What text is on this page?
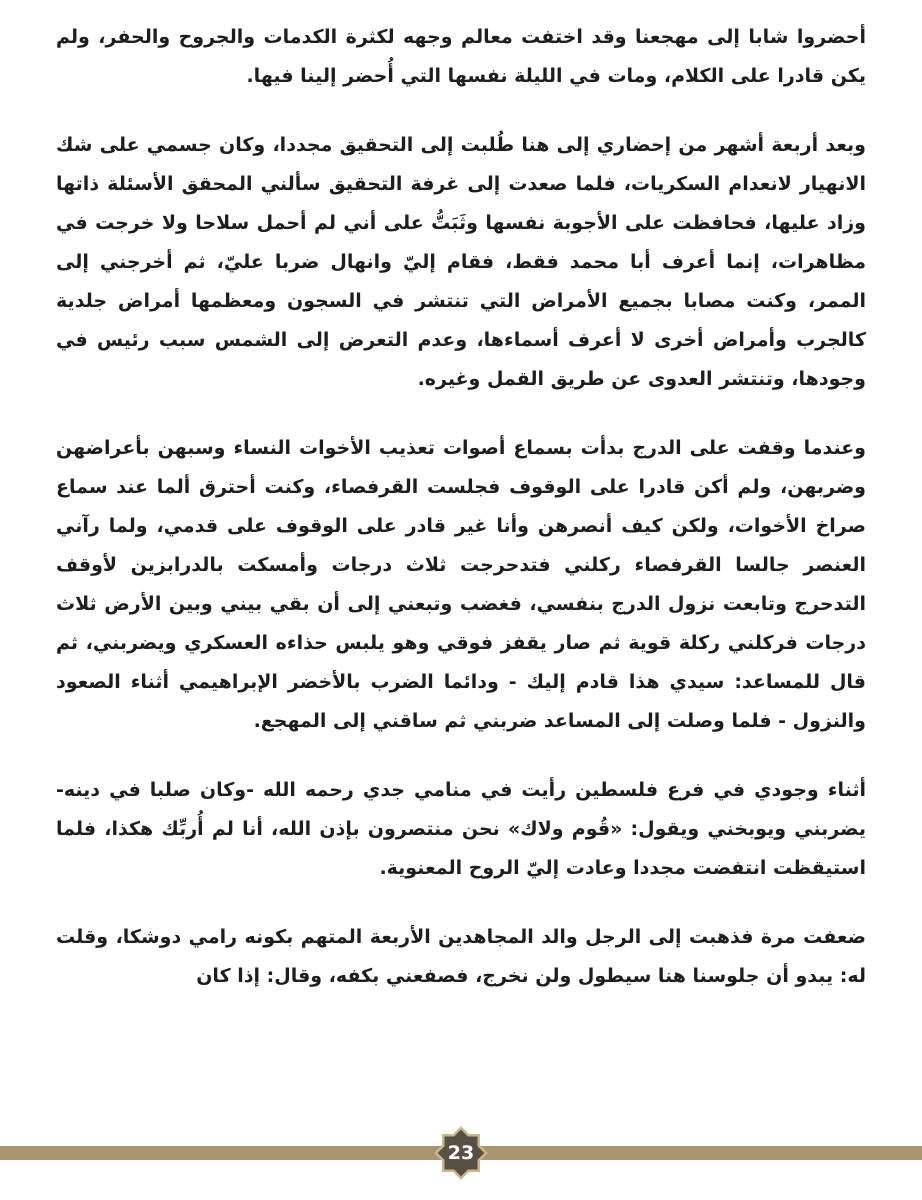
أحضروا شابا إلى مهجعنا وقد اختفت معالم وجهه لكثرة الكدمات والجروح والحفر، ولم يكن قادرا على الكلام، ومات في الليلة نفسها التي أُحضر إلينا فيها.

وبعد أربعة أشهر من إحضاري إلى هنا طُلبت إلى التحقيق مجددا، وكان جسمي على شك الانهيار لانعدام السكريات، فلما صعدت إلى غرفة التحقيق سألني المحقق الأسئلة ذاتها وزاد عليها، فحافظت على الأجوبة نفسها وثَبَتُّ على أني لم أحمل سلاحا ولا خرجت في مظاهرات، إنما أعرف أبا محمد فقط، فقام إليّ وانهال ضربا عليّ، ثم أخرجني إلى الممر، وكنت مصابا بجميع الأمراض التي تنتشر في السجون ومعظمها أمراض جلدية كالجرب وأمراض أخرى لا أعرف أسماءها، وعدم التعرض إلى الشمس سبب رئيس في وجودها، وتنتشر العدوى عن طريق القمل وغيره.

وعندما وقفت على الدرج بدأت بسماع أصوات تعذيب الأخوات النساء وسبهن بأعراضهن وضربهن، ولم أكن قادرا على الوقوف فجلست القرفصاء، وكنت أحترق ألما عند سماع صراخ الأخوات، ولكن كيف أنصرهن وأنا غير قادر على الوقوف على قدمي، ولما رآني العنصر جالسا القرفصاء ركلني فتدحرجت ثلاث درجات وأمسكت بالدرابزين لأوقف التدحرج وتابعت نزول الدرج بنفسي، فغضب وتبعني إلى أن بقي بيني وبين الأرض ثلاث درجات فركلني ركلة قوية ثم صار يقفز فوقي وهو يلبس حذاءه العسكري ويضربني، ثم قال للمساعد: سيدي هذا قادم إليك - ودائما الضرب بالأخضر الإبراهيمي أثناء الصعود والنزول - فلما وصلت إلى المساعد ضربني ثم ساقني إلى المهجع.

أثناء وجودي في فرع فلسطين رأيت في منامي جدي رحمه الله -وكان صلبا في دينه- يضربني ويوبخني ويقول: «قُوم ولاك» نحن منتصرون بإذن الله، أنا لم أُربِّك هكذا، فلما استيقظت انتفضت مجددا وعادت إليّ الروح المعنوية.

ضعفت مرة فذهبت إلى الرجل والد المجاهدين الأربعة المتهم بكونه رامي دوشكا، وقلت له: يبدو أن جلوسنا هنا سيطول ولن نخرج، فصفعني بكفه، وقال: إذا كان

23
